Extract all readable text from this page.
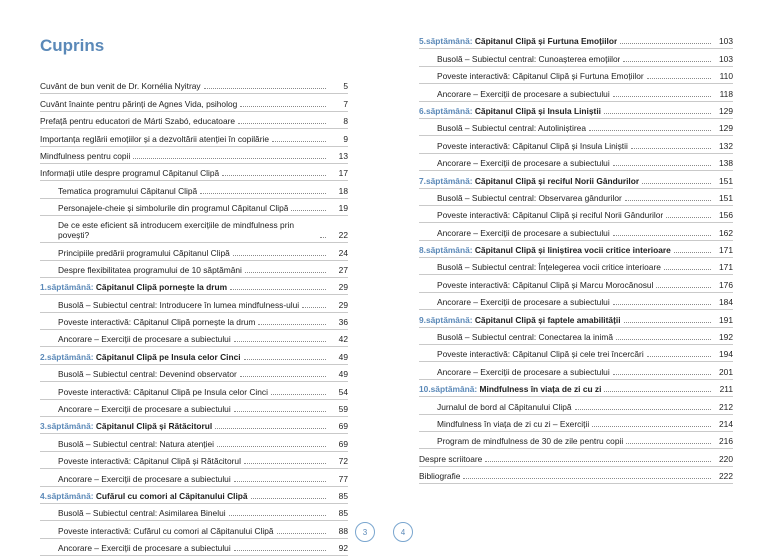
Cuprins
Cuvânt de bun venit de Dr. Kornélia Nyitray	5
Cuvânt înainte pentru părinți de Agnes Vida, psiholog	7
Prefață pentru educatori de Márti Szabó, educatoare	8
Importanța reglării emoțiilor și a dezvoltării atenției în copilărie	9
Mindfulness pentru copii	13
Informații utile despre programul Căpitanul Clipă	17
Tematica programului Căpitanul Clipă	18
Personajele-cheie și simbolurile din programul Căpitanul Clipă	19
De ce este eficient să introducem exercițiile de mindfulness prin povești?	22
Principiile predării programului Căpitanul Clipă	24
Despre flexibilitatea programului de 10 săptămâni	27
1.săptămână: Căpitanul Clipă pornește la drum	29
Busolă – Subiectul central: Introducere în lumea mindfulness-ului	29
Poveste interactivă: Căpitanul Clipă pornește la drum	36
Ancorare – Exerciții de procesare a subiectului	42
2.săptămână: Căpitanul Clipă pe Insula celor Cinci	49
Busolă – Subiectul central: Devenind observator	49
Poveste interactivă: Căpitanul Clipă pe Insula celor Cinci	54
Ancorare – Exerciții de procesare a subiectului	59
3.săptămână: Căpitanul Clipă și Rătăcitorul	69
Busolă – Subiectul central: Natura atenției	69
Poveste interactivă: Căpitanul Clipă și Rătăcitorul	72
Ancorare – Exerciții de procesare a subiectului	77
4.săptămână: Cufărul cu comori al Căpitanului Clipă	85
Busolă – Subiectul central: Asimilarea Binelui	85
Poveste interactivă: Cufărul cu comori al Căpitanului Clipă	88
Ancorare – Exerciții de procesare a subiectului	92
3
5.săptămână: Căpitanul Clipă și Furtuna Emoțiilor	103
Busolă – Subiectul central: Cunoașterea emoțiilor	103
Poveste interactivă: Căpitanul Clipă și Furtuna Emoțiilor	110
Ancorare – Exerciții de procesare a subiectului	118
6.săptămână: Căpitanul Clipă și Insula Liniștii	129
Busolă – Subiectul central: Autoliniștirea	129
Poveste interactivă: Căpitanul Clipă și Insula Liniștii	132
Ancorare – Exerciții de procesare a subiectului	138
7.săptămână: Căpitanul Clipă și reciful Norii Gândurilor	151
Busolă – Subiectul central: Observarea gândurilor	151
Poveste interactivă: Căpitanul Clipă și reciful Norii Gândurilor	156
Ancorare – Exerciții de procesare a subiectului	162
8.săptămână: Căpitanul Clipă și liniștirea vocii critice interioare	171
Busolă – Subiectul central: Înțelegerea vocii critice interioare	171
Poveste interactivă: Căpitanul Clipă și Marcu Morocănosul	176
Ancorare – Exerciții de procesare a subiectului	184
9.săptămână: Căpitanul Clipă și faptele amabilității	191
Busolă – Subiectul central: Conectarea la inimă	192
Poveste interactivă: Căpitanul Clipă și cele trei încercări	194
Ancorare – Exerciții de procesare a subiectului	201
10.săptămână: Mindfulness în viața de zi cu zi	211
Jurnalul de bord al Căpitanului Clipă	212
Mindfulness în viața de zi cu zi – Exerciții	214
Program de mindfulness de 30 de zile pentru copii	216
Despre scriitoare	220
Bibliografie	222
4
